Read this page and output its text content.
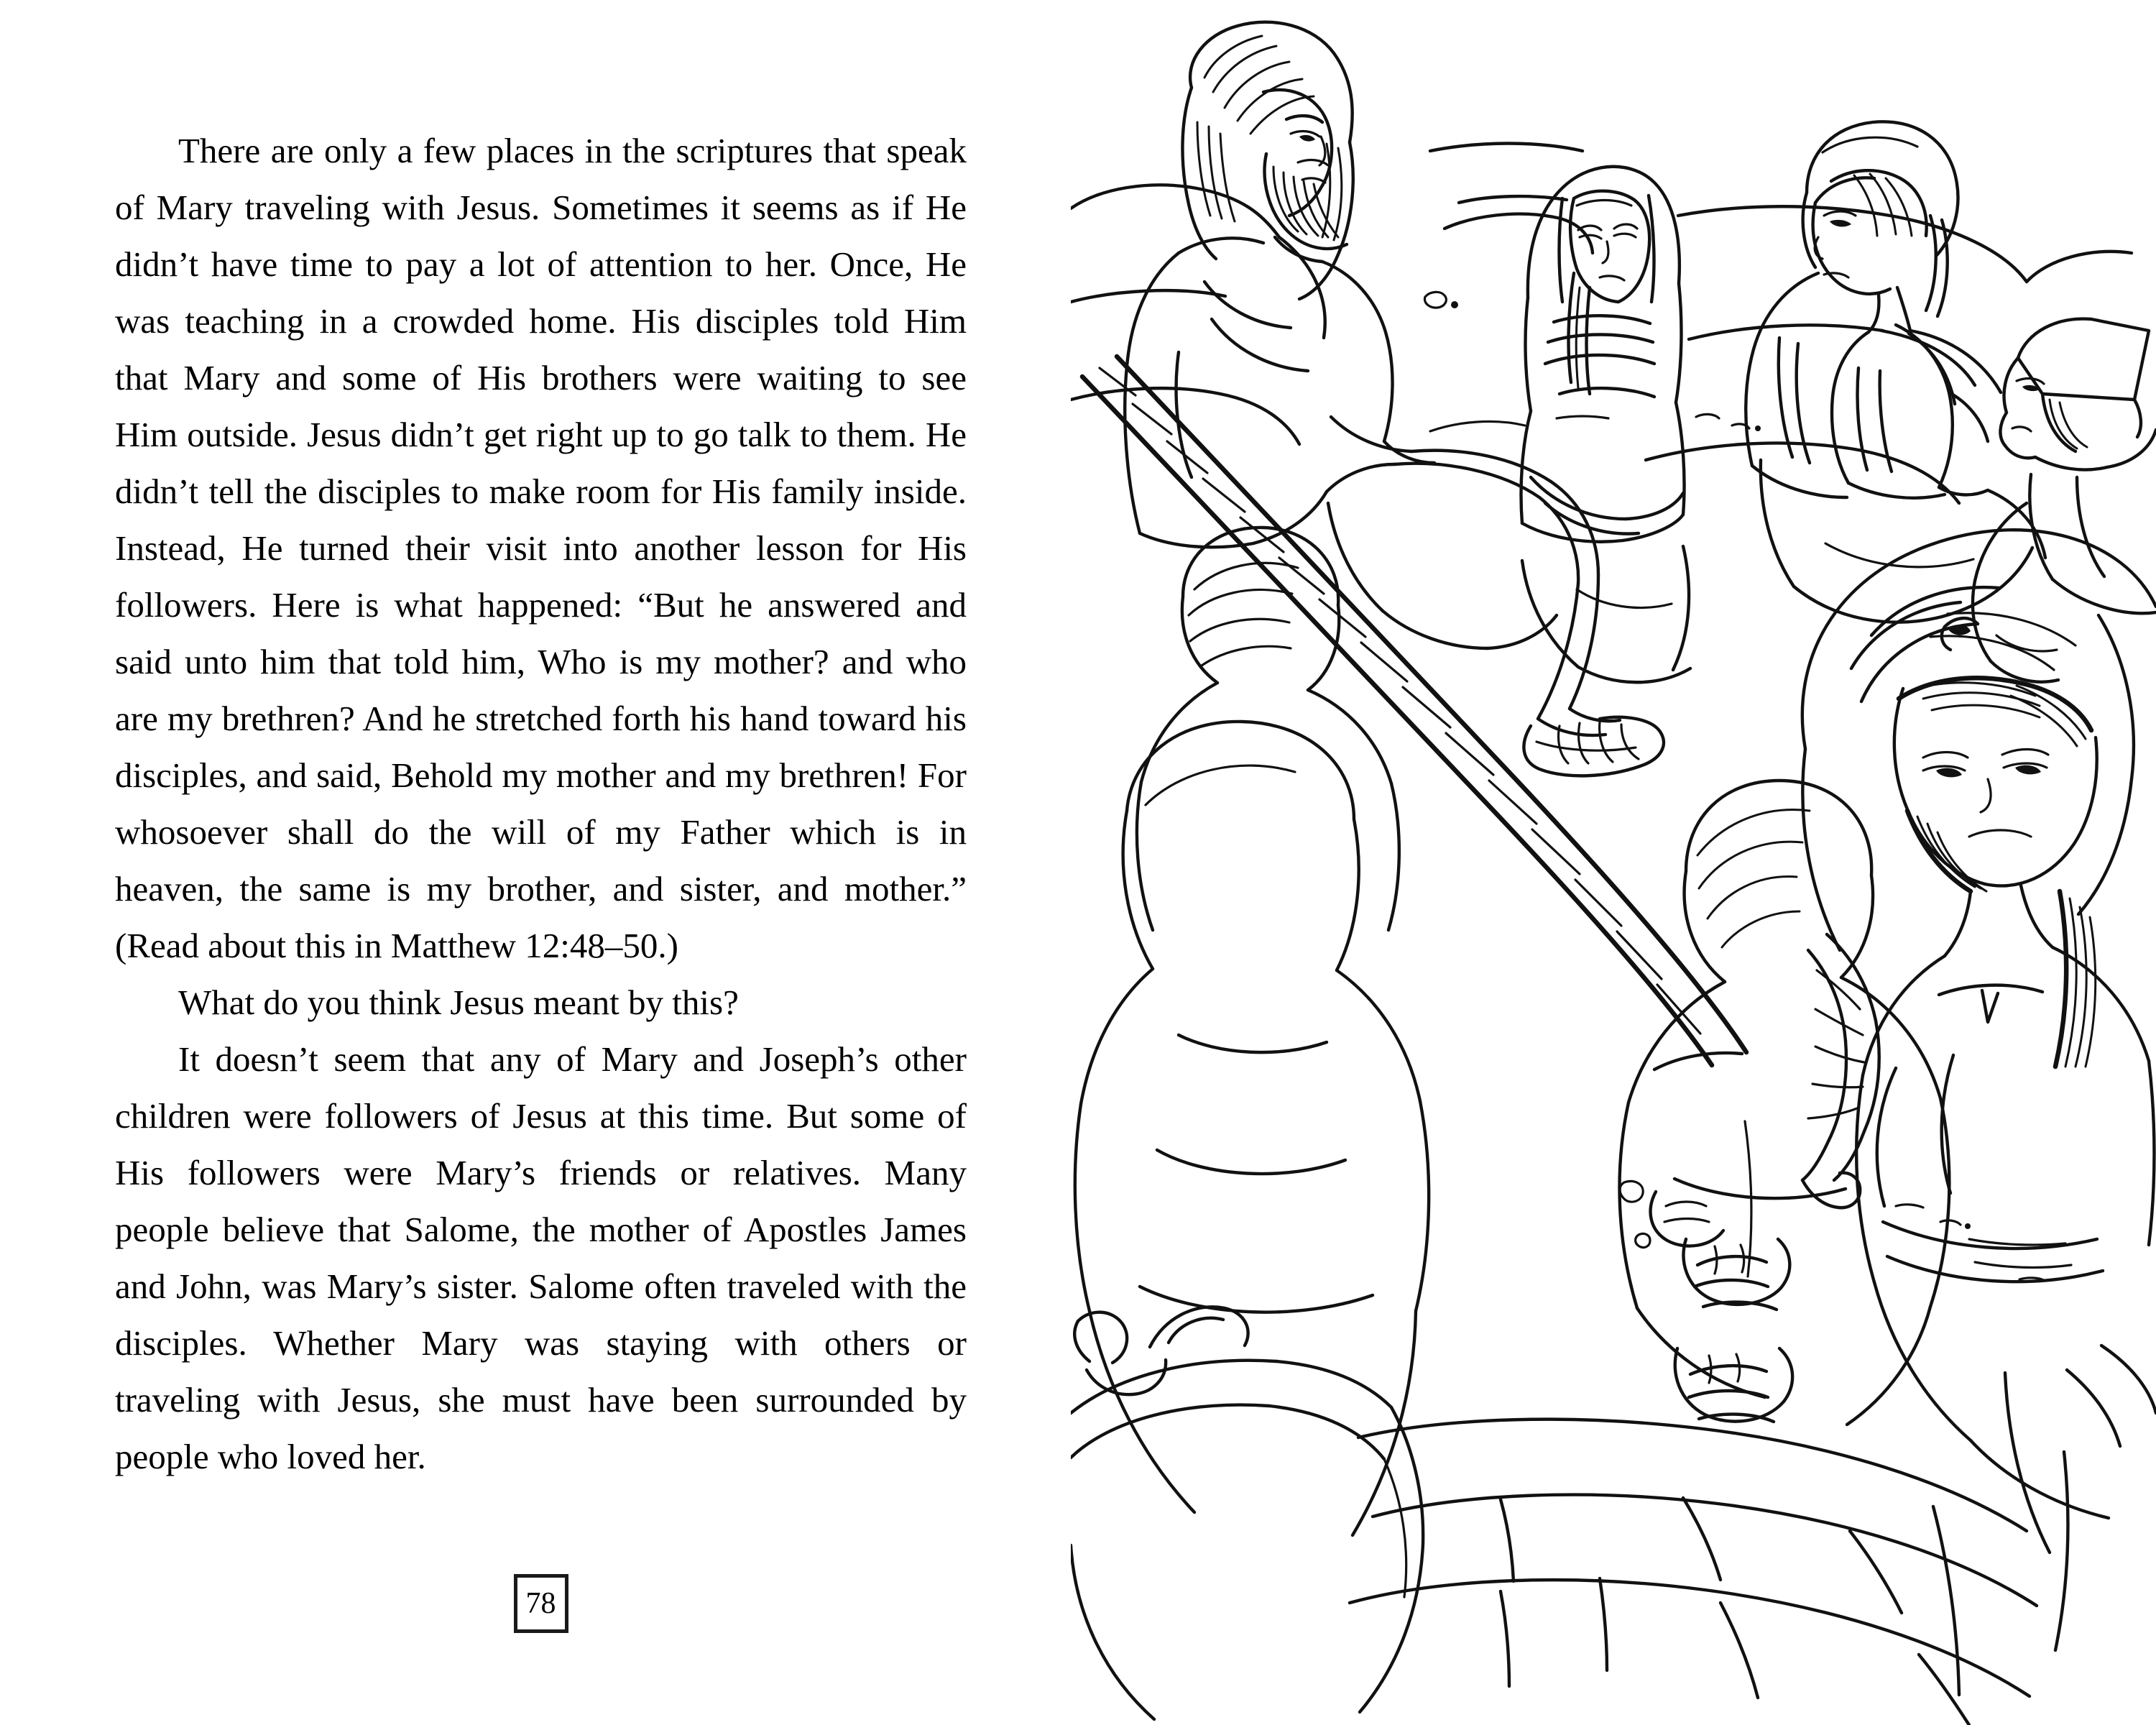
There are only a few places in the scriptures that speak of Mary traveling with Jesus. Sometimes it seems as if He didn’t have time to pay a lot of attention to her. Once, He was teaching in a crowded home. His disciples told Him that Mary and some of His brothers were waiting to see Him outside. Jesus didn’t get right up to go talk to them. He didn’t tell the disciples to make room for His family inside. Instead, He turned their visit into another lesson for His followers. Here is what happened: “But he answered and said unto him that told him, Who is my mother? and who are my brethren? And he stretched forth his hand toward his disciples, and said, Behold my mother and my brethren! For whosoever shall do the will of my Father which is in heaven, the same is my brother, and sister, and mother.” (Read about this in Matthew 12:48–50.)

What do you think Jesus meant by this?

It doesn’t seem that any of Mary and Joseph’s other children were followers of Jesus at this time. But some of His followers were Mary’s friends or relatives. Many people believe that Salome, the mother of Apostles James and John, was Mary’s sister. Salome often traveled with the disciples. Whether Mary was staying with others or traveling with Jesus, she must have been surrounded by people who loved her.

78
